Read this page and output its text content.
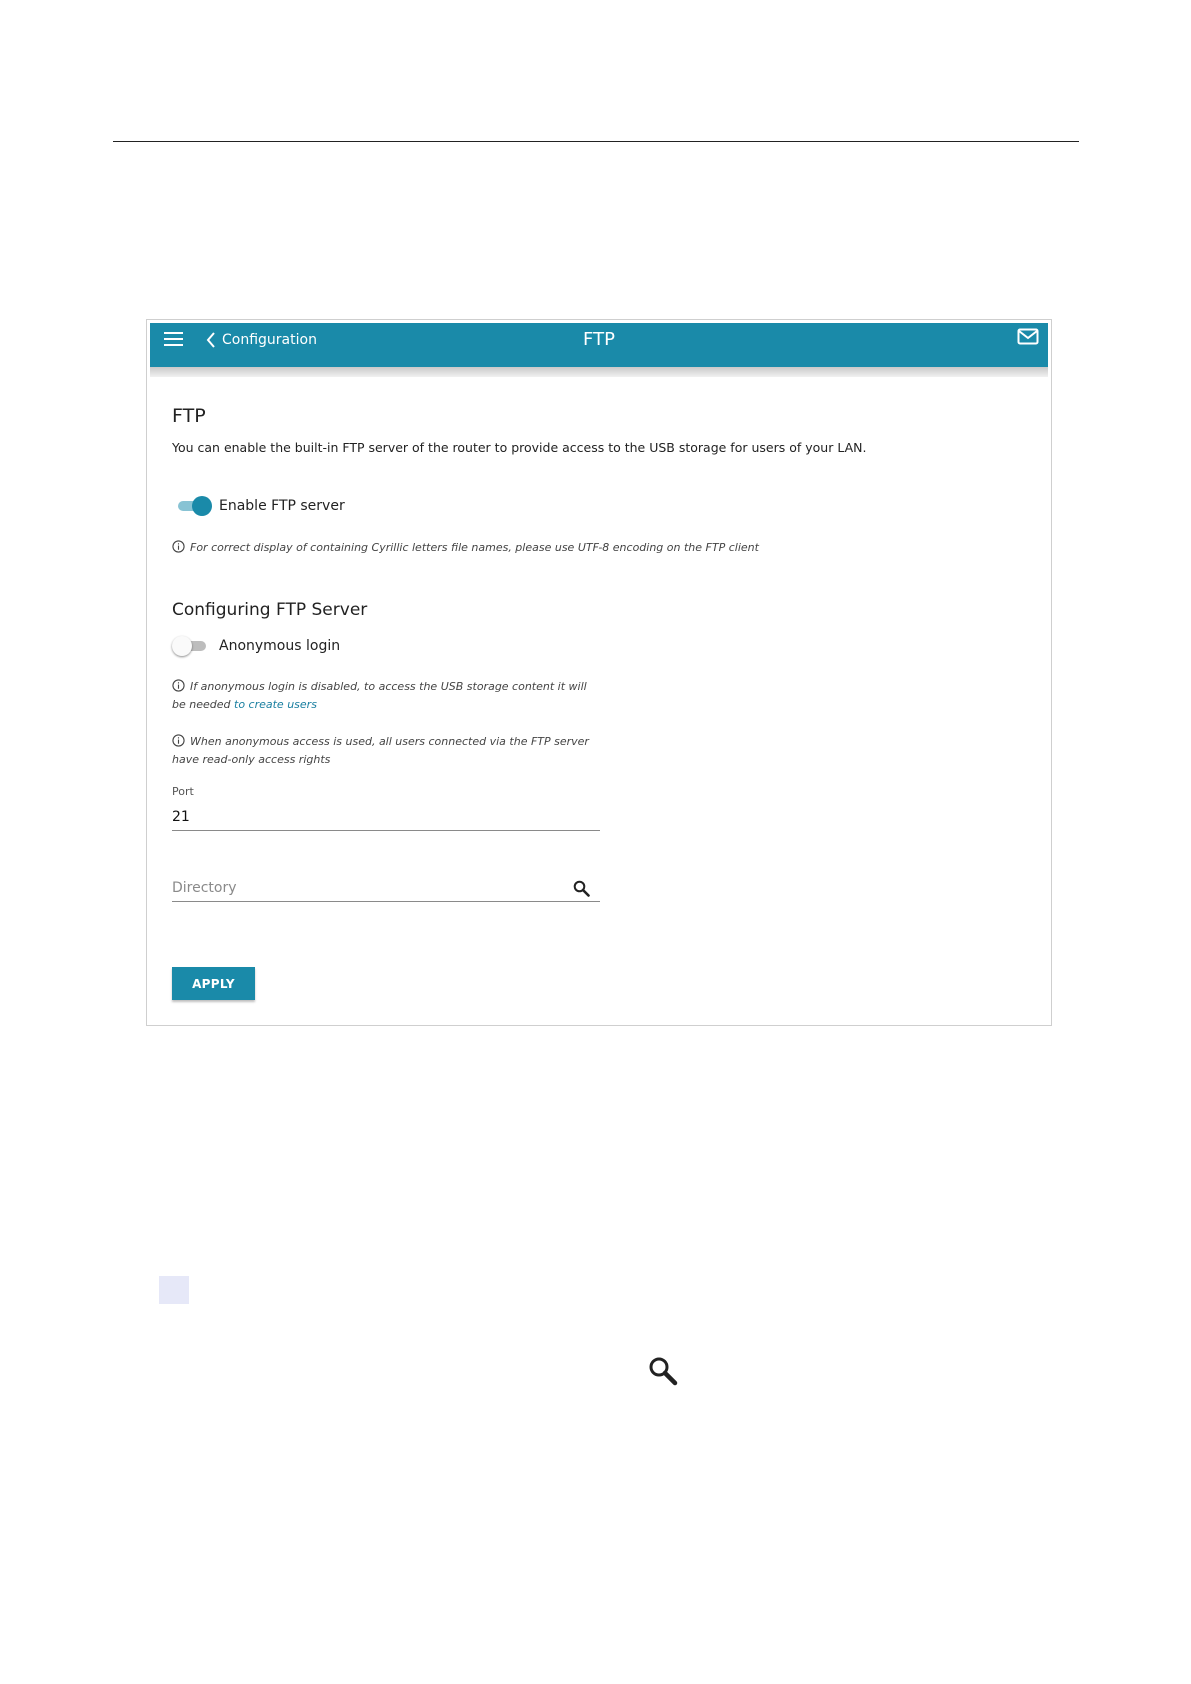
Configuration	FTP
FTP
You can enable the built-in FTP server of the router to provide access to the USB storage for users of your LAN.
Enable FTP server
For correct display of containing Cyrillic letters file names, please use UTF-8 encoding on the FTP client
Configuring FTP Server
Anonymous login
If anonymous login is disabled, to access the USB storage content it will be needed to create users
When anonymous access is used, all users connected via the FTP server have read-only access rights
Port
21
Directory
APPLY
